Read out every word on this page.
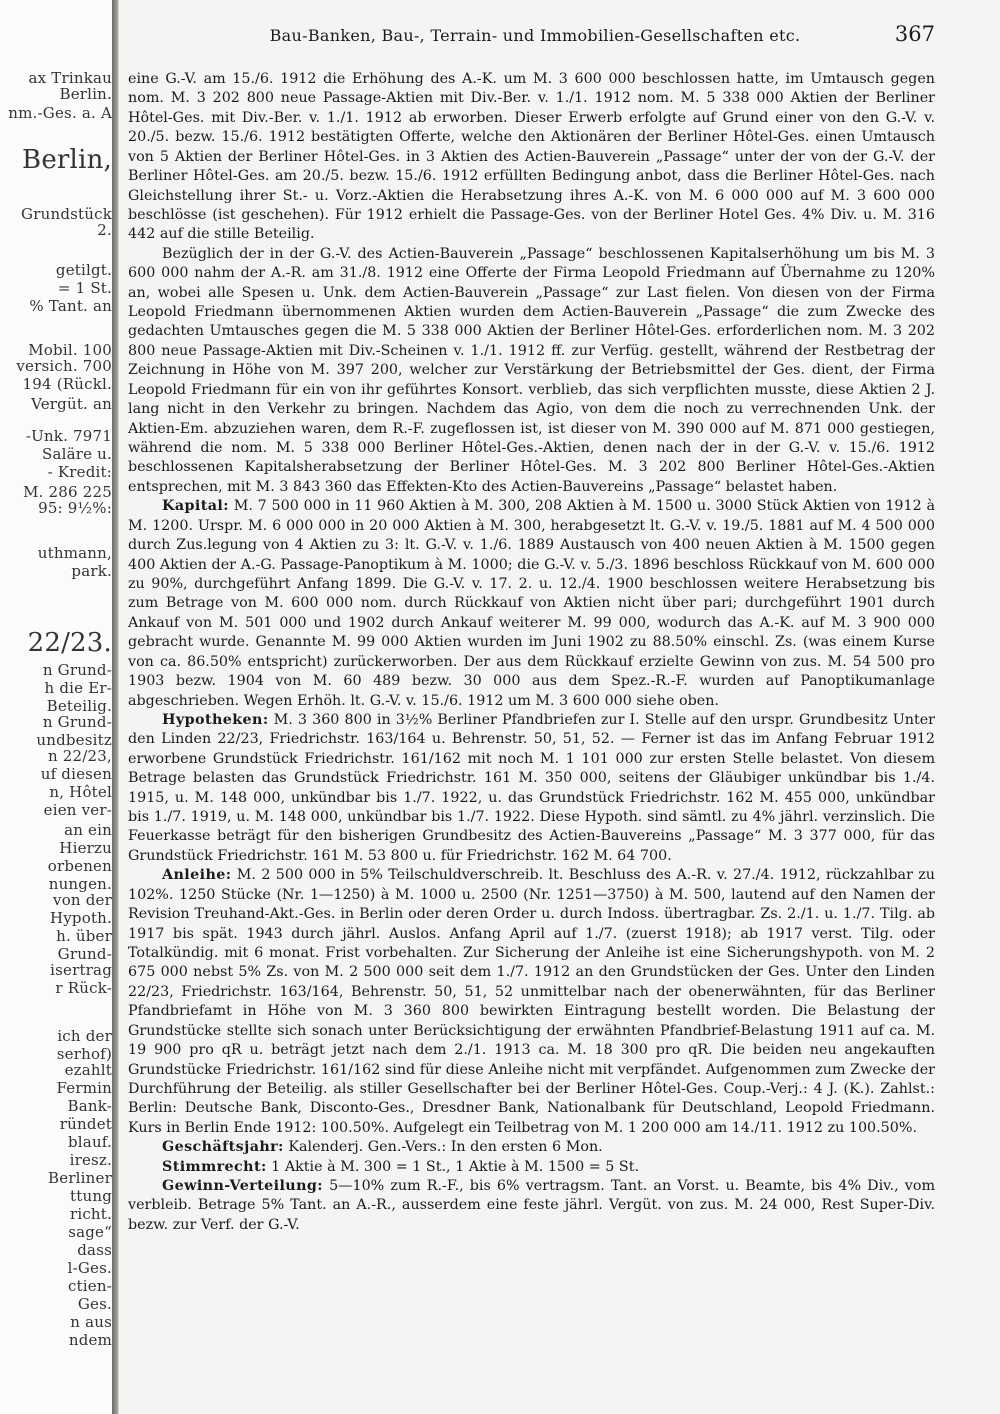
ax Trinkau
Berlin.
nm.-Ges. a. A
Berlin,
Grundstück
2.
getilgt.
= 1 St.
% Tant. an
Mobil. 100
versich. 700
194 (Rückl.
Vergüt. an
-Unk. 7971
Saläre u.
- Kredit:
M. 286 225
95: 9½%:
uthmann,
park.
22/23.
n Grund-
h die Er-
Beteilig.
n Grund-
undbesitz
n 22/23,
uf diesen
n, Hôtel
eien ver-
an ein
Hierzu
orbenen
nungen.
von der
Hypoth.
h. über
Grund-
isertrag
r Rück-
ich der
serhof)
ezahlt
Fermin
Bank-
ründet
blauf.
iresz.
Berliner
ttung
richt.
sage“
dass
l-Ges.
ctien-
Ges.
n aus
ndem
Bau-Banken, Bau-, Terrain- und Immobilien-Gesellschaften etc.	367

eine G.-V. am 15./6. 1912 die Erhöhung des A.-K. um M. 3 600 000 beschlossen hatte, im Umtausch gegen nom. M. 3 202 800 neue Passage-Aktien mit Div.-Ber. v. 1./1. 1912 nom. M. 5 338 000 Aktien der Berliner Hôtel-Ges. mit Div.-Ber. v. 1./1. 1912 ab erworben. Dieser Erwerb erfolgte auf Grund einer von den G.-V. v. 20./5. bezw. 15./6. 1912 bestätigten Offerte, welche den Aktionären der Berliner Hôtel-Ges. einen Umtausch von 5 Aktien der Berliner Hôtel-Ges. in 3 Aktien des Actien-Bauverein „Passage“ unter der von der G.-V. der Berliner Hôtel-Ges. am 20./5. bezw. 15./6. 1912 erfüllten Bedingung anbot, dass die Berliner Hôtel-Ges. nach Gleichstellung ihrer St.- u. Vorz.-Aktien die Herabsetzung ihres A.-K. von M. 6 000 000 auf M. 3 600 000 beschlösse (ist geschehen). Für 1912 erhielt die Passage-Ges. von der Berliner Hotel Ges. 4% Div. u. M. 316 442 auf die stille Beteilig.

Bezüglich der in der G.-V. des Actien-Bauverein „Passage“ beschlossenen Kapitalserhöhung um bis M. 3 600 000 nahm der A.-R. am 31./8. 1912 eine Offerte der Firma Leopold Friedmann auf Übernahme zu 120% an, wobei alle Spesen u. Unk. dem Actien-Bauverein „Passage“ zur Last fielen. Von diesen von der Firma Leopold Friedmann übernommenen Aktien wurden dem Actien-Bauverein „Passage“ die zum Zwecke des gedachten Umtausches gegen die M. 5 338 000 Aktien der Berliner Hôtel-Ges. erforderlichen nom. M. 3 202 800 neue Passage-Aktien mit Div.-Scheinen v. 1./1. 1912 ff. zur Verfüg. gestellt, während der Restbetrag der Zeichnung in Höhe von M. 397 200, welcher zur Verstärkung der Betriebsmittel der Ges. dient, der Firma Leopold Friedmann für ein von ihr geführtes Konsort. verblieb, das sich verpflichten musste, diese Aktien 2 J. lang nicht in den Verkehr zu bringen. Nachdem das Agio, von dem die noch zu verrechnenden Unk. der Aktien-Em. abzuziehen waren, dem R.-F. zugeflossen ist, ist dieser von M. 390 000 auf M. 871 000 gestiegen, während die nom. M. 5 338 000 Berliner Hôtel-Ges.-Aktien, denen nach der in der G.-V. v. 15./6. 1912 beschlossenen Kapitalsherabsetzung der Berliner Hôtel-Ges. M. 3 202 800 Berliner Hôtel-Ges.-Aktien entsprechen, mit M. 3 843 360 das Effekten-Kto des Actien-Bauvereins „Passage“ belastet haben.

Kapital: M. 7 500 000 in 11 960 Aktien à M. 300, 208 Aktien à M. 1500 u. 3000 Stück Aktien von 1912 à M. 1200. Urspr. M. 6 000 000 in 20 000 Aktien à M. 300, herabgesetzt lt. G.-V. v. 19./5. 1881 auf M. 4 500 000 durch Zus.legung von 4 Aktien zu 3: lt. G.-V. v. 1./6. 1889 Austausch von 400 neuen Aktien à M. 1500 gegen 400 Aktien der A.-G. Passage-Panoptikum à M. 1000; die G.-V. v. 5./3. 1896 beschloss Rückkauf von M. 600 000 zu 90%, durchgeführt Anfang 1899. Die G.-V. v. 17. 2. u. 12./4. 1900 beschlossen weitere Herabsetzung bis zum Betrage von M. 600 000 nom. durch Rückkauf von Aktien nicht über pari; durchgeführt 1901 durch Ankauf von M. 501 000 und 1902 durch Ankauf weiterer M. 99 000, wodurch das A.-K. auf M. 3 900 000 gebracht wurde. Genannte M. 99 000 Aktien wurden im Juni 1902 zu 88.50% einschl. Zs. (was einem Kurse von ca. 86.50% entspricht) zurückerworben. Der aus dem Rückkauf erzielte Gewinn von zus. M. 54 500 pro 1903 bezw. 1904 von M. 60 489 bezw. 30 000 aus dem Spez.-R.-F. wurden auf Panoptikumanlage abgeschrieben. Wegen Erhöh. lt. G.-V. v. 15./6. 1912 um M. 3 600 000 siehe oben.

Hypotheken: M. 3 360 800 in 3½% Berliner Pfandbriefen zur I. Stelle auf den urspr. Grundbesitz Unter den Linden 22/23, Friedrichstr. 163/164 u. Behrenstr. 50, 51, 52. — Ferner ist das im Anfang Februar 1912 erworbene Grundstück Friedrichstr. 161/162 mit noch M. 1 101 000 zur ersten Stelle belastet. Von diesem Betrage belasten das Grundstück Friedrichstr. 161 M. 350 000, seitens der Gläubiger unkündbar bis 1./4. 1915, u. M. 148 000, unkündbar bis 1./7. 1922, u. das Grundstück Friedrichstr. 162 M. 455 000, unkündbar bis 1./7. 1919, u. M. 148 000, unkündbar bis 1./7. 1922. Diese Hypoth. sind sämtl. zu 4% jährl. verzinslich. Die Feuerkasse beträgt für den bisherigen Grundbesitz des Actien-Bauvereins „Passage“ M. 3 377 000, für das Grundstück Friedrichstr. 161 M. 53 800 u. für Friedrichstr. 162 M. 64 700.

Anleihe: M. 2 500 000 in 5% Teilschuldverschreib. lt. Beschluss des A.-R. v. 27./4. 1912, rückzahlbar zu 102%. 1250 Stücke (Nr. 1—1250) à M. 1000 u. 2500 (Nr. 1251—3750) à M. 500, lautend auf den Namen der Revision Treuhand-Akt.-Ges. in Berlin oder deren Order u. durch Indoss. übertragbar. Zs. 2./1. u. 1./7. Tilg. ab 1917 bis spät. 1943 durch jährl. Auslos. Anfang April auf 1./7. (zuerst 1918); ab 1917 verst. Tilg. oder Totalkündig. mit 6 monat. Frist vorbehalten. Zur Sicherung der Anleihe ist eine Sicherungshypoth. von M. 2 675 000 nebst 5% Zs. von M. 2 500 000 seit dem 1./7. 1912 an den Grundstücken der Ges. Unter den Linden 22/23, Friedrichstr. 163/164, Behrenstr. 50, 51, 52 unmittelbar nach der obenerwähnten, für das Berliner Pfandbriefamt in Höhe von M. 3 360 800 bewirkten Eintragung bestellt worden. Die Belastung der Grundstücke stellte sich sonach unter Berücksichtigung der erwähnten Pfandbrief-Belastung 1911 auf ca. M. 19 900 pro qR u. beträgt jetzt nach dem 2./1. 1913 ca. M. 18 300 pro qR. Die beiden neu angekauften Grundstücke Friedrichstr. 161/162 sind für diese Anleihe nicht mit verpfändet. Aufgenommen zum Zwecke der Durchführung der Beteilig. als stiller Gesellschafter bei der Berliner Hôtel-Ges. Coup.-Verj.: 4 J. (K.). Zahlst.: Berlin: Deutsche Bank, Disconto-Ges., Dresdner Bank, Nationalbank für Deutschland, Leopold Friedmann. Kurs in Berlin Ende 1912: 100.50%. Aufgelegt ein Teilbetrag von M. 1 200 000 am 14./11. 1912 zu 100.50%.

Geschäftsjahr: Kalenderj. Gen.-Vers.: In den ersten 6 Mon.

Stimmrecht: 1 Aktie à M. 300 = 1 St., 1 Aktie à M. 1500 = 5 St.

Gewinn-Verteilung: 5—10% zum R.-F., bis 6% vertragsm. Tant. an Vorst. u. Beamte, bis 4% Div., vom verbleib. Betrage 5% Tant. an A.-R., ausserdem eine feste jährl. Vergüt. von zus. M. 24 000, Rest Super-Div. bezw. zur Verf. der G.-V.
